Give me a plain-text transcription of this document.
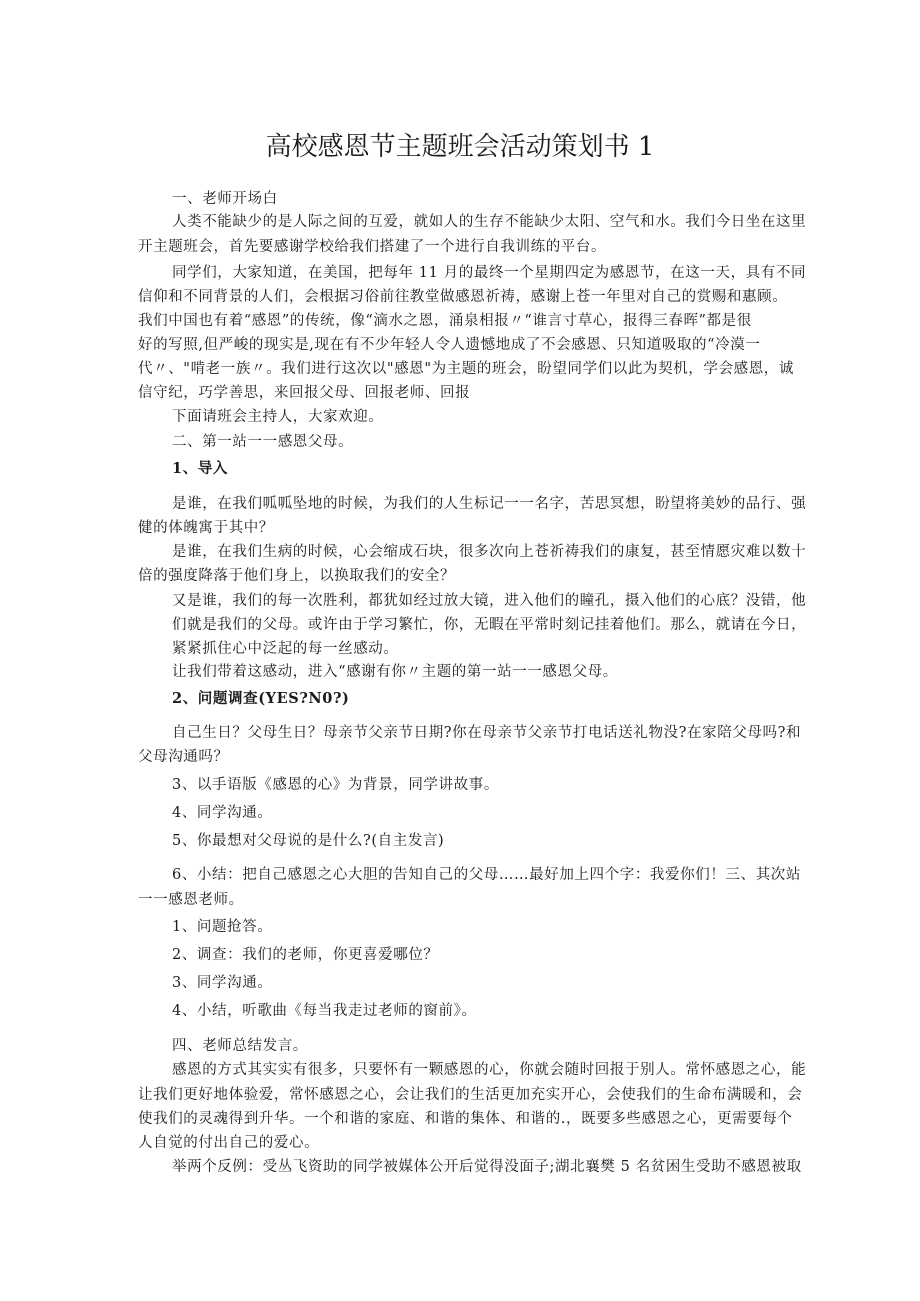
高校感恩节主题班会活动策划书 1
一、老师开场白
人类不能缺少的是人际之间的互爱，就如人的生存不能缺少太阳、空气和水。我们今日坐在这里
开主题班会，首先要感谢学校给我们搭建了一个进行自我训练的平台。
同学们，大家知道，在美国，把每年 11 月的最终一个星期四定为感恩节，在这一天，具有不同
信仰和不同背景的人们，会根据习俗前往教堂做感恩祈祷，感谢上苍一年里对自己的赏赐和惠顾。
我们中国也有着“感恩”的传统，像“滴水之恩，涌泉相报〃“谁言寸草心，报得三春晖”都是很
好的写照,但严峻的现实是,现在有不少年轻人令人遗憾地成了不会感恩、只知道吸取的“冷漠一
代〃、"啃老一族〃。我们进行这次以"感恩"为主题的班会，盼望同学们以此为契机，学会感恩，诚
信守纪，巧学善思，来回报父母、回报老师、回报
下面请班会主持人，大家欢迎。
二、第一站一一感恩父母。
1、导入
是谁，在我们呱呱坠地的时候，为我们的人生标记一一名字，苦思冥想，盼望将美妙的品行、强
健的体魄寓于其中？
是谁，在我们生病的时候，心会缩成石块，很多次向上苍祈祷我们的康复，甚至情愿灾难以数十
倍的强度降落于他们身上，以换取我们的安全？
又是谁，我们的每一次胜利，都犹如经过放大镜，进入他们的瞳孔，摄入他们的心底？没错，他
们就是我们的父母。或许由于学习繁忙，你，无暇在平常时刻记挂着他们。那么，就请在今日，
紧紧抓住心中泛起的每一丝感动。
让我们带着这感动，进入“感谢有你〃主题的第一站一一感恩父母。
2、问题调查(YES?N0?)
自己生日？父母生日？母亲节父亲节日期?你在母亲节父亲节打电话送礼物没?在家陪父母吗?和
父母沟通吗？
3、以手语版《感恩的心》为背景，同学讲故事。
4、同学沟通。
5、你最想对父母说的是什么?(自主发言)
6、小结：把自己感恩之心大胆的告知自己的父母……最好加上四个字：我爱你们！三、其次站
一一感恩老师。
1、问题抢答。
2、调查：我们的老师，你更喜爱哪位？
3、同学沟通。
4、小结，听歌曲《每当我走过老师的窗前》。
四、老师总结发言。
感恩的方式其实实有很多，只要怀有一颗感恩的心，你就会随时回报于别人。常怀感恩之心，能
让我们更好地体验爱，常怀感恩之心，会让我们的生活更加充实开心，会使我们的生命布满暖和，会
使我们的灵魂得到升华。一个和谐的家庭、和谐的集体、和谐的.，既要多些感恩之心，更需要每个
人自觉的付出自己的爱心。
举两个反例：受丛飞资助的同学被媒体公开后觉得没面子;湖北襄樊 5 名贫困生受助不感恩被取
